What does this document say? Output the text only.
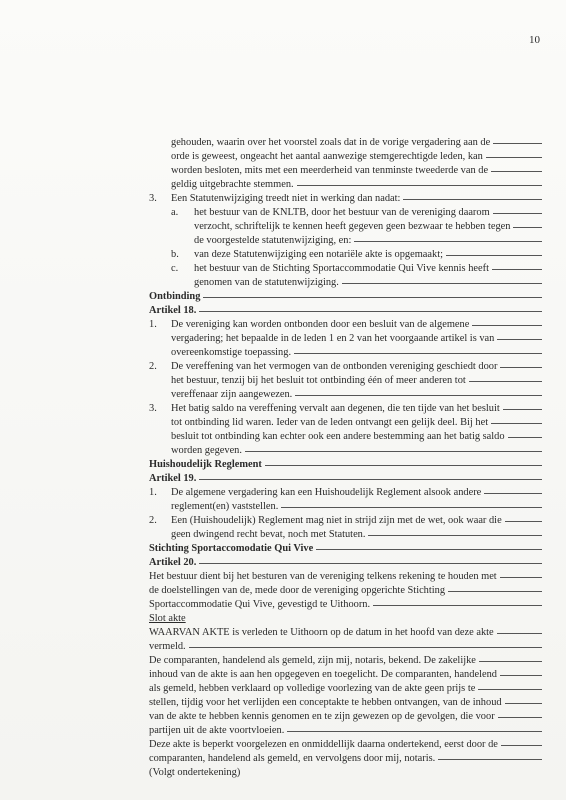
10
gehouden, waarin over het voorstel zoals dat in de vorige vergadering aan de
orde is geweest, ongeacht het aantal aanwezige stemgerechtigde leden, kan
worden besloten, mits met een meerderheid van tenminste tweederde van de
geldig uitgebrachte stemmen.
3. Een Statutenwijziging treedt niet in werking dan nadat:
a. het bestuur van de KNLTB, door het bestuur van de vereniging daarom
verzocht, schriftelijk te kennen heeft gegeven geen bezwaar te hebben tegen
de voorgestelde statutenwijziging, en:
b. van deze Statutenwijziging een notariële akte is opgemaakt;
c. het bestuur van de Stichting Sportaccommodatie Qui Vive kennis heeft
genomen van de statutenwijziging.
Ontbinding
Artikel 18.
1. De vereniging kan worden ontbonden door een besluit van de algemene
vergadering; het bepaalde in de leden 1 en 2 van het voorgaande artikel is van
overeenkomstige toepassing.
2. De vereffening van het vermogen van de ontbonden vereniging geschiedt door
het bestuur, tenzij bij het besluit tot ontbinding één of meer anderen tot
vereffenaar zijn aangewezen.
3. Het batig saldo na vereffening vervalt aan degenen, die ten tijde van het besluit
tot ontbinding lid waren. Ieder van de leden ontvangt een gelijk deel. Bij het
besluit tot ontbinding kan echter ook een andere bestemming aan het batig saldo
worden gegeven.
Huishoudelijk Reglement
Artikel 19.
1. De algemene vergadering kan een Huishoudelijk Reglement alsook andere
reglement(en) vaststellen.
2. Een (Huishoudelijk) Reglement mag niet in strijd zijn met de wet, ook waar die
geen dwingend recht bevat, noch met Statuten.
Stichting Sportaccomodatie Qui Vive
Artikel 20.
Het bestuur dient bij het besturen van de vereniging telkens rekening te houden met
de doelstellingen van de, mede door de vereniging opgerichte Stichting
Sportaccommodatie Qui Vive, gevestigd te Uithoorn.
Slot akte
WAARVAN AKTE is verleden te Uithoorn op de datum in het hoofd van deze akte
vermeld.
De comparanten, handelend als gemeld, zijn mij, notaris, bekend. De zakelijke
inhoud van de akte is aan hen opgegeven en toegelicht. De comparanten, handelend
als gemeld, hebben verklaard op volledige voorlezing van de akte geen prijs te
stellen, tijdig voor het verlijden een conceptakte te hebben ontvangen, van de inhoud
van de akte te hebben kennis genomen en te zijn gewezen op de gevolgen, die voor
partijen uit de akte voortvloeien.
Deze akte is beperkt voorgelezen en onmiddellijk daarna ondertekend, eerst door de
comparanten, handelend als gemeld, en vervolgens door mij, notaris.
(Volgt ondertekening)
